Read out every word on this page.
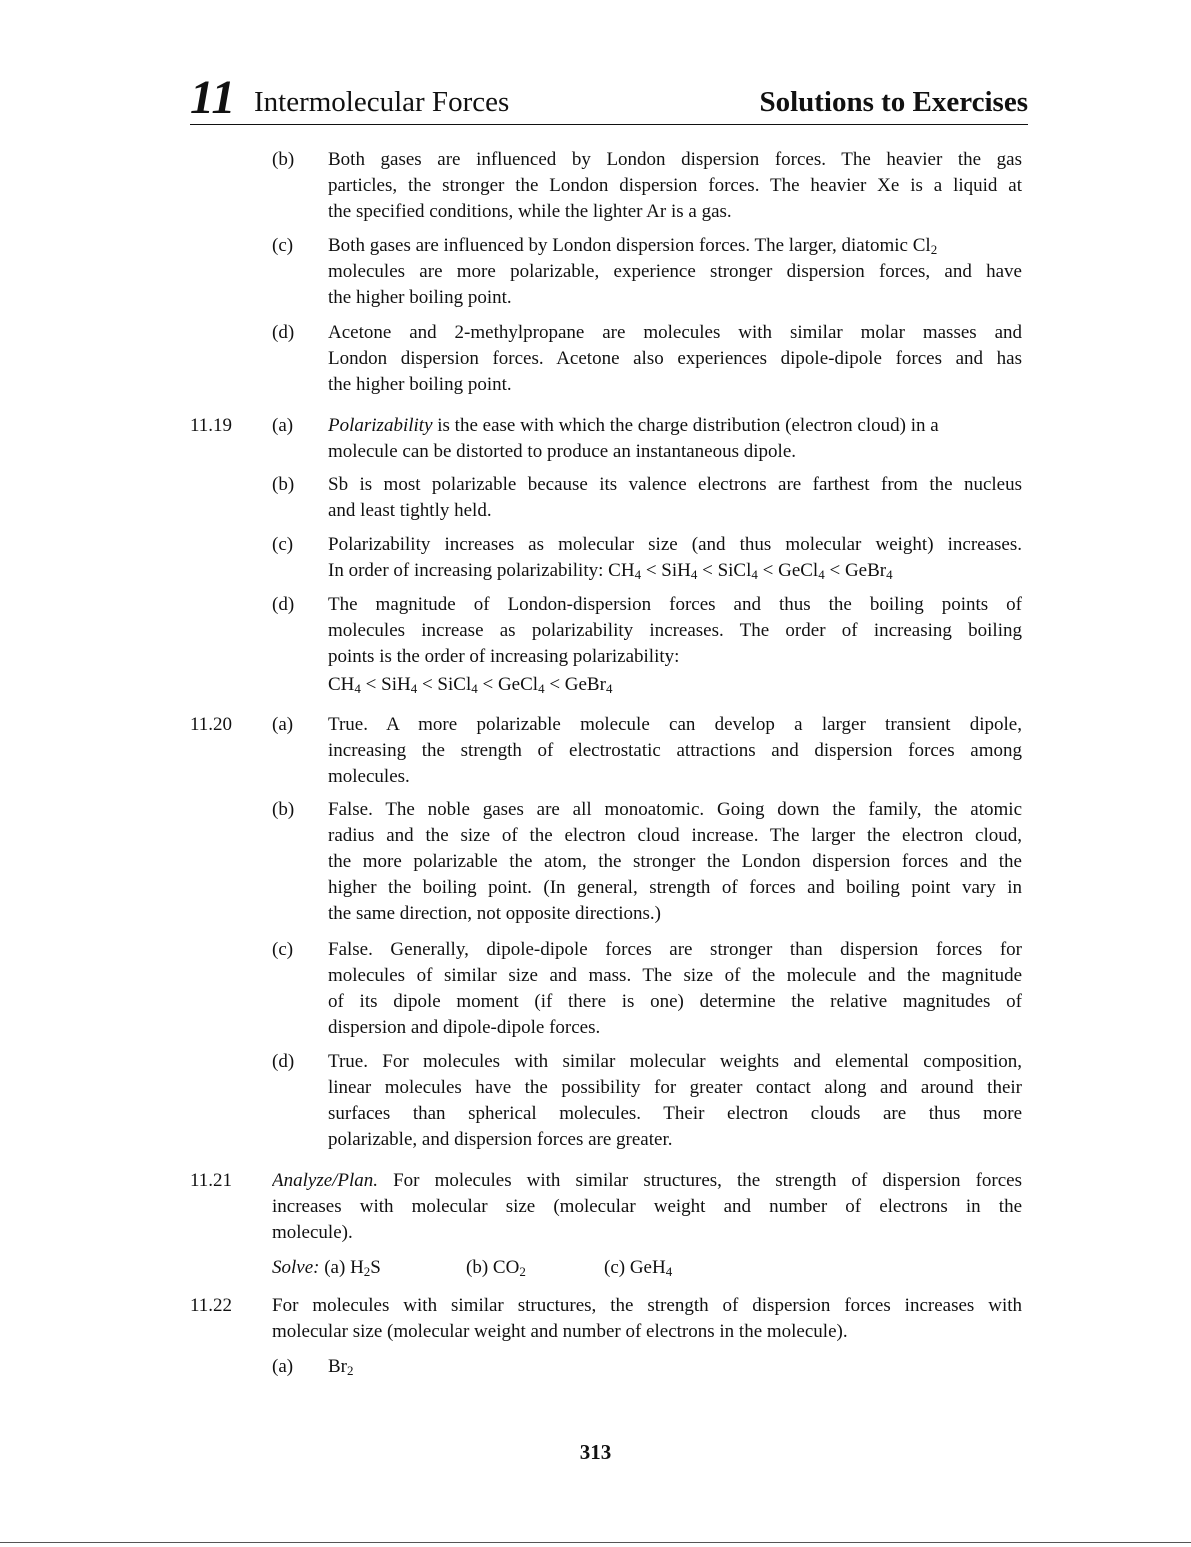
11 Intermolecular Forces	Solutions to Exercises
(b) Both gases are influenced by London dispersion forces. The heavier the gas
particles, the stronger the London dispersion forces. The heavier Xe is a liquid at
the specified conditions, while the lighter Ar is a gas.
(c) Both gases are influenced by London dispersion forces. The larger, diatomic $Cl_2$
molecules are more polarizable, experience stronger dispersion forces, and have
the higher boiling point.
(d) Acetone and 2-methylpropane are molecules with similar molar masses and
London dispersion forces. Acetone also experiences dipole-dipole forces and has
the higher boiling point.
11.19 (a) Polarizability is the ease with which the charge distribution (electron cloud) in a
molecule can be distorted to produce an instantaneous dipole.
(b) Sb is most polarizable because its valence electrons are farthest from the nucleus
and least tightly held.
(c) Polarizability increases as molecular size (and thus molecular weight) increases.
In order of increasing polarizability: $CH_4 < SiH_4$ < SiCl$_4$ < GeCl$_4$ < GeBr$_4$
(d) The magnitude of London-dispersion forces and thus the boiling points of
molecules increase as polarizability increases. The order of increasing boiling
points is the order of increasing polarizability:
$CH_4 < SiH_4$ < SiCl$_4$ < GeCl$_4$ < GeBr$_4$
11.20 (a) True. A more polarizable molecule can develop a larger transient dipole,
increasing the strength of electrostatic attractions and dispersion forces among
molecules.
(b) False. The noble gases are all monoatomic. Going down the family, the atomic
radius and the size of the electron cloud increase. The larger the electron cloud,
the more polarizable the atom, the stronger the London dispersion forces and the
higher the boiling point. (In general, strength of forces and boiling point vary in
the same direction, not opposite directions.)
(c) False. Generally, dipole-dipole forces are stronger than dispersion forces for
molecules of similar size and mass. The size of the molecule and the magnitude
of its dipole moment (if there is one) determine the relative magnitudes of
dispersion and dipole-dipole forces.
(d) True. For molecules with similar molecular weights and elemental composition,
linear molecules have the possibility for greater contact along and around their
surfaces than spherical molecules. Their electron clouds are thus more
polarizable, and dispersion forces are greater.
11.21 Analyze/Plan. For molecules with similar structures, the strength of dispersion forces
increases with molecular size (molecular weight and number of electrons in the
molecule).
Solve: (a) $H_2S$	(b) $CO_2$	(c) GeH$_4$
11.22 For molecules with similar structures, the strength of dispersion forces increases with
molecular size (molecular weight and number of electrons in the molecule).
(a) $Br_2$
313
